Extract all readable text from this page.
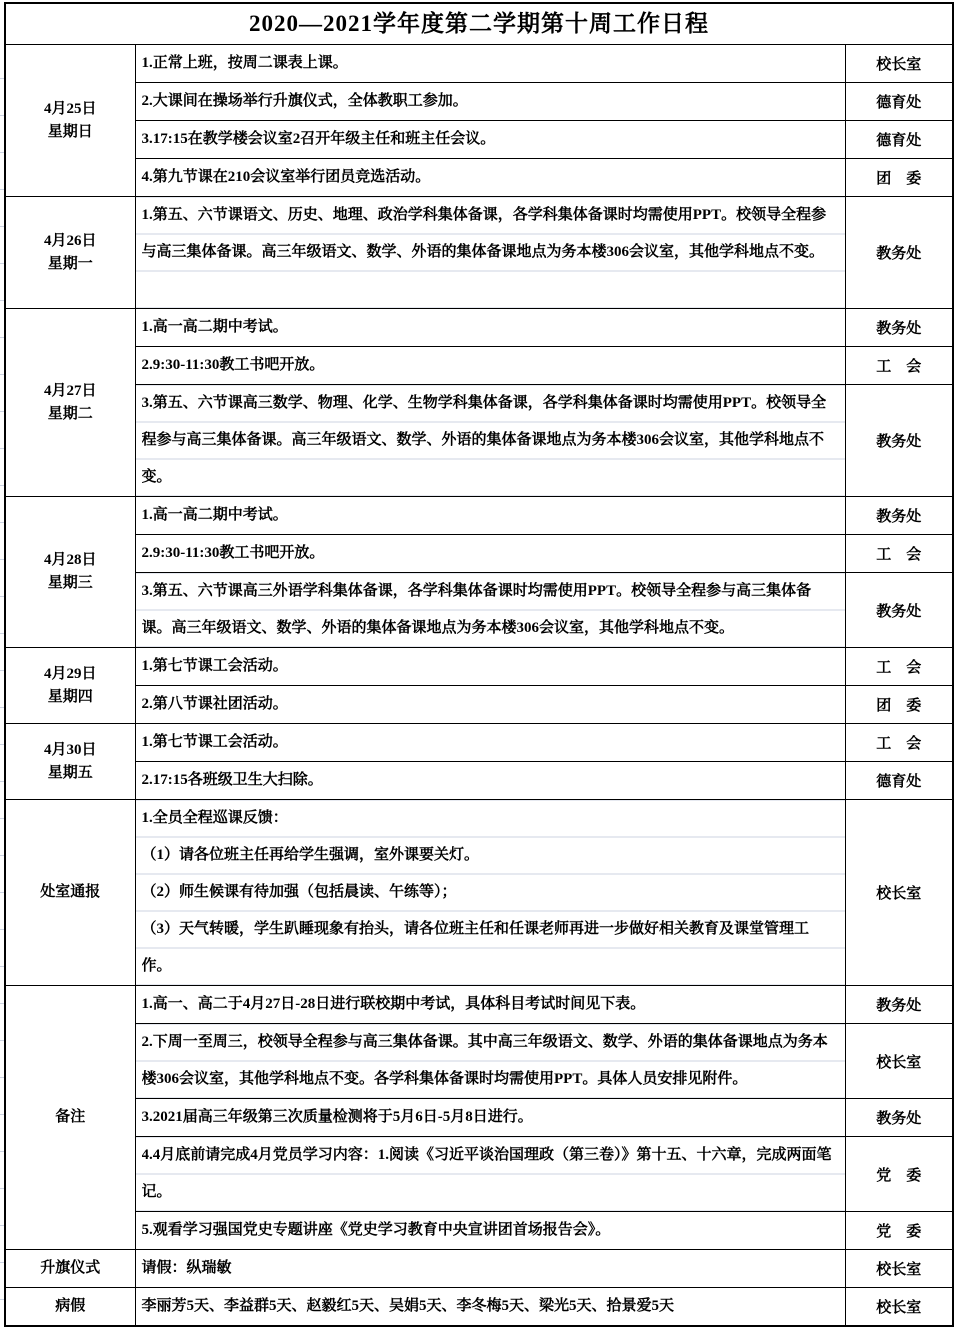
2020—2021学年度第二学期第十周工作日程		

4月25日
星期日	1.正常上班，按周二课表上课。	校长室
	2.大课间在操场举行升旗仪式，全体教职工参加。	德育处
	3.17:15在教学楼会议室2召开年级主任和班主任会议。	德育处
	4.第九节课在210会议室举行团员竞选活动。	团　委

4月26日
星期一	1.第五、六节课语文、历史、地理、政治学科集体备课，各学科集体备课时均需使用PPT。校领导全程参与高三集体备课。高三年级语文、数学、外语的集体备课地点为务本楼306会议室，其他学科地点不变。	教务处

4月27日
星期二	1.高一高二期中考试。	教务处
	2.9:30-11:30教工书吧开放。	工　会

	3.第五、六节课高三数学、物理、化学、生物学科集体备课，各学科集体备课时均需使用PPT。校领导全程参与高三集体备课。高三年级语文、数学、外语的集体备课地点为务本楼306会议室，其他学科地点不变。	教务处

4月28日
星期三	1.高一高二期中考试。	教务处
	2.9:30-11:30教工书吧开放。	工　会

	3.第五、六节课高三外语学科集体备课，各学科集体备课时均需使用PPT。校领导全程参与高三集体备课。高三年级语文、数学、外语的集体备课地点为务本楼306会议室，其他学科地点不变。	教务处

4月29日
星期四	1.第七节课工会活动。	工　会
	2.第八节课社团活动。	团　委

4月30日
星期五	1.第七节课工会活动。	工　会
	2.17:15各班级卫生大扫除。	德育处

处室通报	1.全员全程巡课反馈：
（1）请各位班主任再给学生强调，室外课要关灯。
（2）师生候课有待加强（包括晨读、午练等）；
（3）天气转暖，学生趴睡现象有抬头，请各位班主任和任课老师再进一步做好相关教育及课堂管理工作。	校长室

备注	1.高一、高二于4月27日-28日进行联校期中考试，具体科目考试时间见下表。	教务处

	2.下周一至周三，校领导全程参与高三集体备课。其中高三年级语文、数学、外语的集体备课地点为务本楼306会议室，其他学科地点不变。各学科集体备课时均需使用PPT。具体人员安排见附件。	校长室

	3.2021届高三年级第三次质量检测将于5月6日-5月8日进行。	教务处

	4.4月底前请完成4月党员学习内容：1.阅读《习近平谈治国理政（第三卷）》第十五、十六章，完成两面笔记。	党　委

	5.观看学习强国党史专题讲座《党史学习教育中央宣讲团首场报告会》。	党　委

升旗仪式	请假：纵瑞敏	校长室

病假	李丽芳5天、李益群5天、赵毅红5天、吴娟5天、李冬梅5天、梁光5天、拾景爱5天	校长室
